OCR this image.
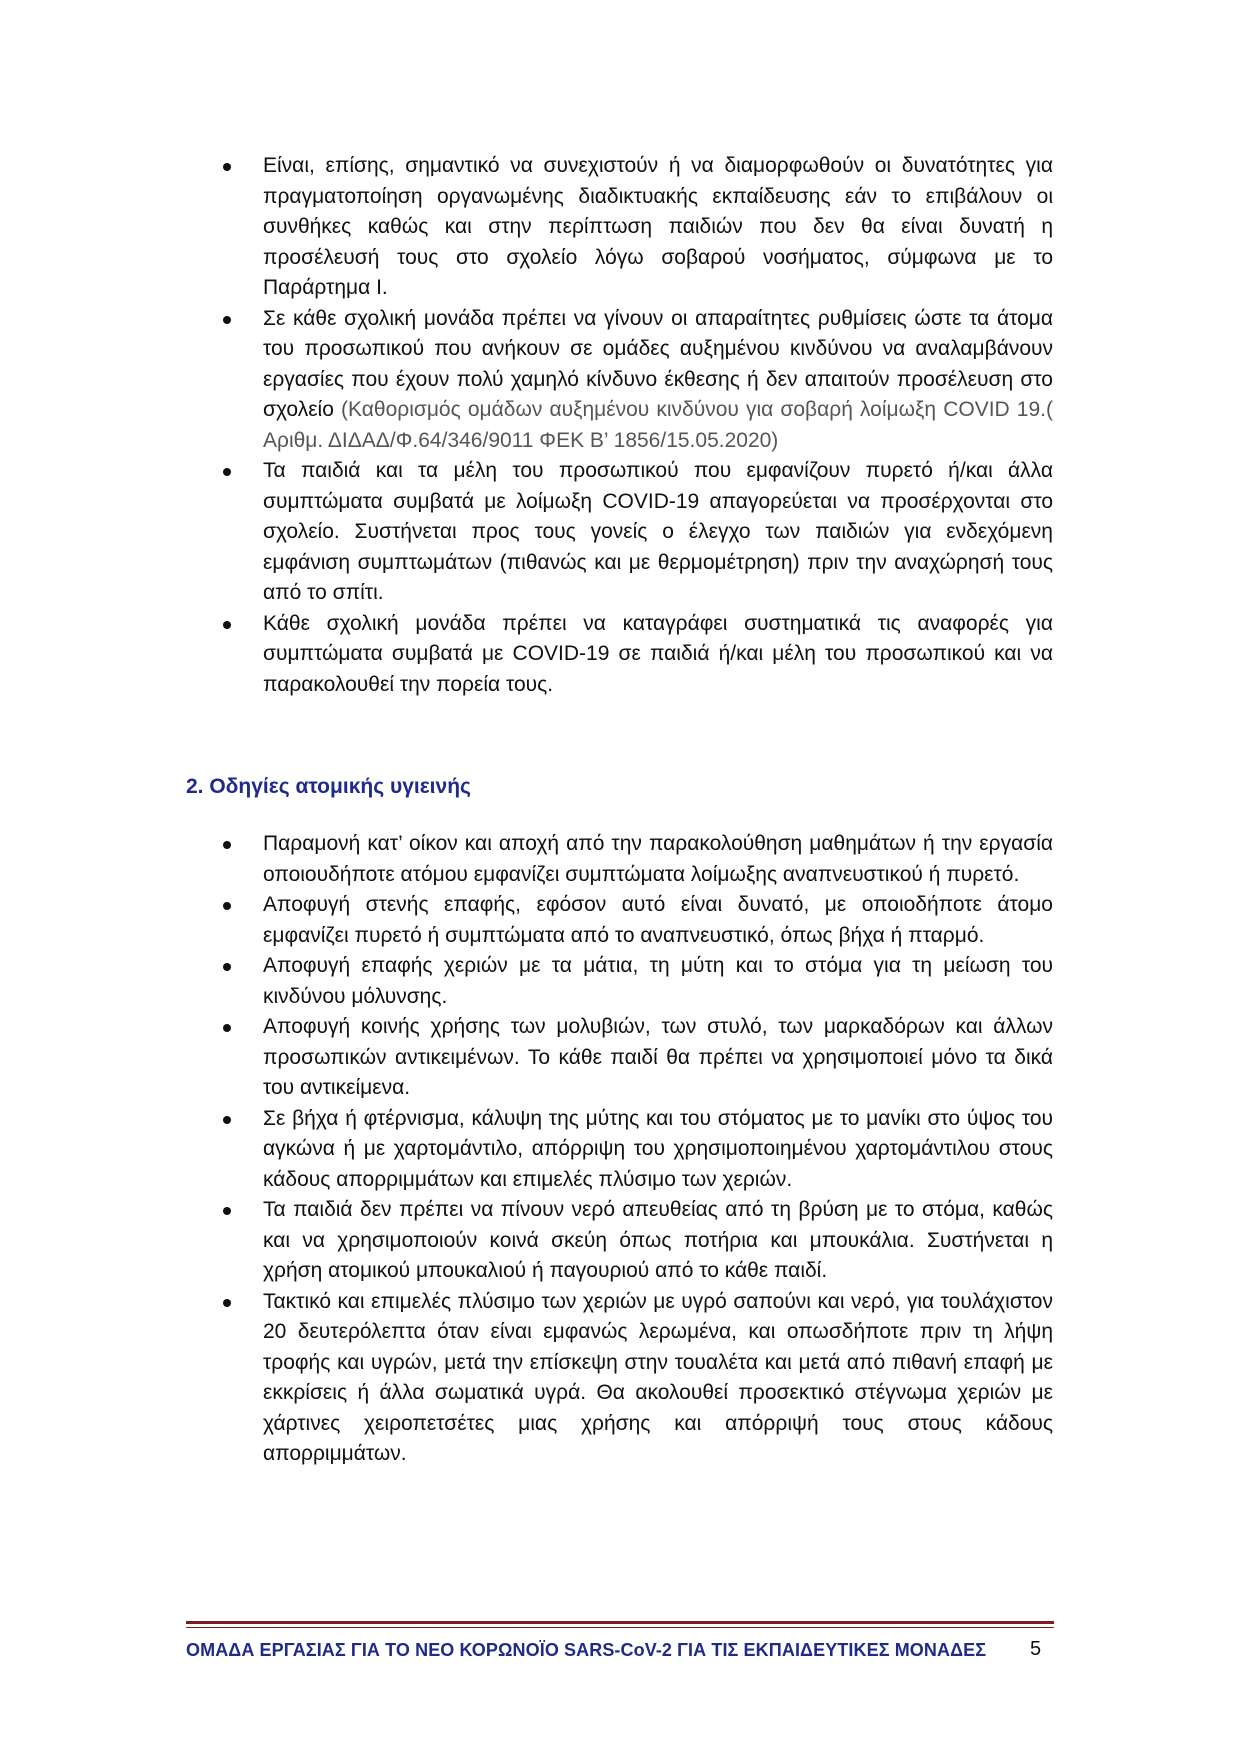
Είναι, επίσης, σημαντικό να συνεχιστούν ή να διαμορφωθούν οι δυνατότητες για πραγματοποίηση οργανωμένης διαδικτυακής εκπαίδευσης εάν το επιβάλουν οι συνθήκες καθώς και στην περίπτωση παιδιών που δεν θα είναι δυνατή η προσέλευσή τους στο σχολείο λόγω σοβαρού νοσήματος, σύμφωνα με το Παράρτημα Ι.

Σε κάθε σχολική μονάδα πρέπει να γίνουν οι απαραίτητες ρυθμίσεις ώστε τα άτομα του προσωπικού που ανήκουν σε ομάδες αυξημένου κινδύνου να αναλαμβάνουν εργασίες που έχουν πολύ χαμηλό κίνδυνο έκθεσης ή δεν απαιτούν προσέλευση στο σχολείο (Καθορισμός ομάδων αυξημένου κινδύνου για σοβαρή λοίμωξη COVID 19.( Αριθμ. ΔΙΔΑΔ/Φ.64/346/9011 ΦΕΚ Β’ 1856/15.05.2020)

Τα παιδιά και τα μέλη του προσωπικού που εμφανίζουν πυρετό ή/και άλλα συμπτώματα συμβατά με λοίμωξη COVID-19 απαγορεύεται να προσέρχονται στο σχολείο. Συστήνεται προς τους γονείς ο έλεγχο των παιδιών για ενδεχόμενη εμφάνιση συμπτωμάτων (πιθανώς και με θερμομέτρηση) πριν την αναχώρησή τους από το σπίτι.

Κάθε σχολική μονάδα πρέπει να καταγράφει συστηματικά τις αναφορές για συμπτώματα συμβατά με COVID-19 σε παιδιά ή/και μέλη του προσωπικού και να παρακολουθεί την πορεία τους.

2. Οδηγίες ατομικής υγιεινής

Παραμονή κατ’ οίκον και αποχή από την παρακολούθηση μαθημάτων ή την εργασία οποιουδήποτε ατόμου εμφανίζει συμπτώματα λοίμωξης αναπνευστικού ή πυρετό.

Αποφυγή στενής επαφής, εφόσον αυτό είναι δυνατό, με οποιοδήποτε άτομο εμφανίζει πυρετό ή συμπτώματα από το αναπνευστικό, όπως βήχα ή πταρμό.

Αποφυγή επαφής χεριών με τα μάτια, τη μύτη και το στόμα για τη μείωση του κινδύνου μόλυνσης.

Αποφυγή κοινής χρήσης των μολυβιών, των στυλό, των μαρκαδόρων και άλλων προσωπικών αντικειμένων. Το κάθε παιδί θα πρέπει να χρησιμοποιεί μόνο τα δικά του αντικείμενα.

Σε βήχα ή φτέρνισμα, κάλυψη της μύτης και του στόματος με το μανίκι στο ύψος του αγκώνα ή με χαρτομάντιλο, απόρριψη του χρησιμοποιημένου χαρτομάντιλου στους κάδους απορριμμάτων και επιμελές πλύσιμο των χεριών.

Τα παιδιά δεν πρέπει να πίνουν νερό απευθείας από τη βρύση με το στόμα, καθώς και να χρησιμοποιούν κοινά σκεύη όπως ποτήρια και μπουκάλια. Συστήνεται η χρήση ατομικού μπουκαλιού ή παγουριού από το κάθε παιδί.

Τακτικό και επιμελές πλύσιμο των χεριών με υγρό σαπούνι και νερό, για τουλάχιστον 20 δευτερόλεπτα όταν είναι εμφανώς λερωμένα, και οπωσδήποτε πριν τη λήψη τροφής και υγρών, μετά την επίσκεψη στην τουαλέτα και μετά από πιθανή επαφή με εκκρίσεις ή άλλα σωματικά υγρά. Θα ακολουθεί προσεκτικό στέγνωμα χεριών με χάρτινες χειροπετσέτες μιας χρήσης και απόρριψή τους στους κάδους απορριμμάτων.

ΟΜΑΔΑ ΕΡΓΑΣΙΑΣ ΓΙΑ ΤΟ ΝΕΟ ΚΟΡΩΝΟΪΟ SARS-CoV-2 ΓΙΑ ΤΙΣ ΕΚΠΑΙΔΕΥΤΙΚΕΣ ΜΟΝΑΔΕΣ 5
